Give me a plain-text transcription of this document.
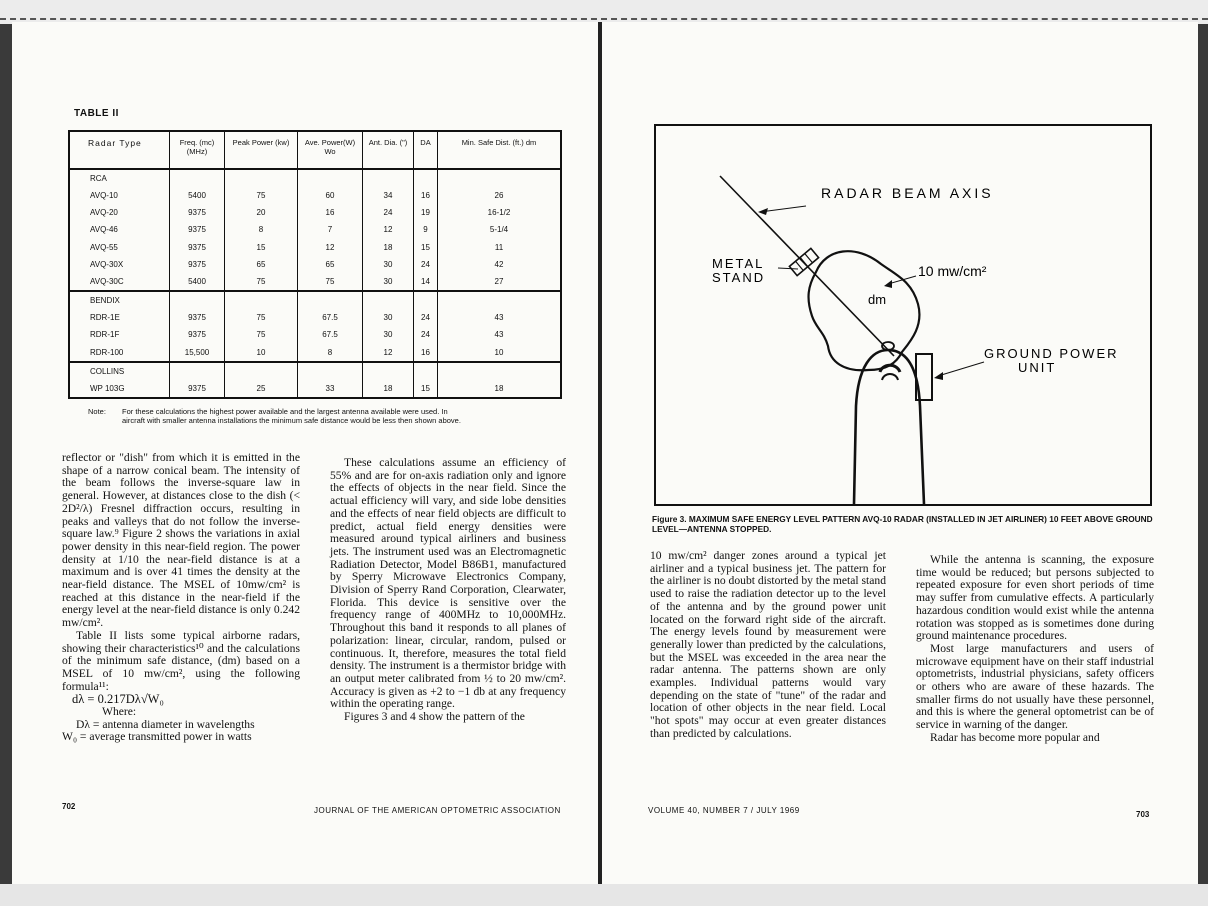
TABLE II
Radar Type	Freq. (mc) (MHz)	Peak Power (kw)	Ave. Power(W) Wo	Ant. Dia. (")	DA	Min. Safe Dist. (ft.) dm
RCA						
AVQ-10	5400	75	60	34	16	26
AVQ-20	9375	20	16	24	19	16-1/2
AVQ-46	9375	8	7	12	9	5-1/4
AVQ-55	9375	15	12	18	15	11
AVQ-30X	9375	65	65	30	24	42
AVQ-30C	5400	75	75	30	14	27
BENDIX						
RDR-1E	9375	75	67.5	30	24	43
RDR-1F	9375	75	67.5	30	24	43
RDR-100	15,500	10	8	12	16	10
COLLINS						
WP 103G	9375	25	33	18	15	18
Note: For these calculations the highest power available and the largest antenna available were used. In aircraft with smaller antenna installations the minimum safe distance would be less then shown above.

reflector or "dish" from which it is emitted in the shape of a narrow conical beam. The intensity of the beam follows the inverse-square law in general. However, at distances close to the dish (< 2D²/λ) Fresnel diffraction occurs, resulting in peaks and valleys that do not follow the inverse-square law.⁹ Figure 2 shows the variations in axial power density in this near-field region. The power density at 1/10 the near-field distance is at a maximum and is over 41 times the density at the near-field distance. The MSEL of 10mw/cm² is reached at this distance in the near-field if the energy level at the near-field distance is only 0.242 mw/cm².

Table II lists some typical airborne radars, showing their characteristics¹⁰ and the calculations of the minimum safe distance, (dm) based on a MSEL of 10 mw/cm², using the following formula¹¹:

dλ = 0.217Dλ√W₀

Where:

Dλ = antenna diameter in wavelengths

W₀ = average transmitted power in watts

These calculations assume an efficiency of 55% and are for on-axis radiation only and ignore the effects of objects in the near field. Since the actual efficiency will vary, and side lobe densities and the effects of near field objects are difficult to predict, actual field energy densities were measured around typical airliners and business jets. The instrument used was an Electromagnetic Radiation Detector, Model B86B1, manufactured by Sperry Microwave Electronics Company, Division of Sperry Rand Corporation, Clearwater, Florida. This device is sensitive over the frequency range of 400MHz to 10,000MHz. Throughout this band it responds to all planes of polarization: linear, circular, random, pulsed or continuous. It, therefore, measures the total field density. The instrument is a thermistor bridge with an output meter calibrated from ½ to 20 mw/cm². Accuracy is given as +2 to −1 db at any frequency within the operating range.

Figures 3 and 4 show the pattern of the

702	JOURNAL OF THE AMERICAN OPTOMETRIC ASSOCIATION
RADAR BEAM AXIS
METAL
STAND	10 mw/cm²
dm
GROUND POWER
UNIT
Figure 3. MAXIMUM SAFE ENERGY LEVEL PATTERN AVQ-10 RADAR (INSTALLED IN JET AIRLINER) 10 FEET ABOVE GROUND LEVEL—ANTENNA STOPPED.

10 mw/cm² danger zones around a typical jet airliner and a typical business jet. The pattern for the airliner is no doubt distorted by the metal stand used to raise the radiation detector up to the level of the antenna and by the ground power unit located on the forward right side of the aircraft. The energy levels found by measurement were generally lower than predicted by the calculations, but the MSEL was exceeded in the area near the radar antenna. The patterns shown are only examples. Individual patterns would vary depending on the state of "tune" of the radar and location of other objects in the near field. Local "hot spots" may occur at even greater distances than predicted by calculations.

While the antenna is scanning, the exposure time would be reduced; but persons subjected to repeated exposure for even short periods of time may suffer from cumulative effects. A particularly hazardous condition would exist while the antenna rotation was stopped as is sometimes done during ground maintenance procedures.

Most large manufacturers and users of microwave equipment have on their staff industrial optometrists, industrial physicians, safety officers or others who are aware of these hazards. The smaller firms do not usually have these personnel, and this is where the general optometrist can be of service in warning of the danger.

Radar has become more popular and

VOLUME 40, NUMBER 7 / JULY 1969	703
